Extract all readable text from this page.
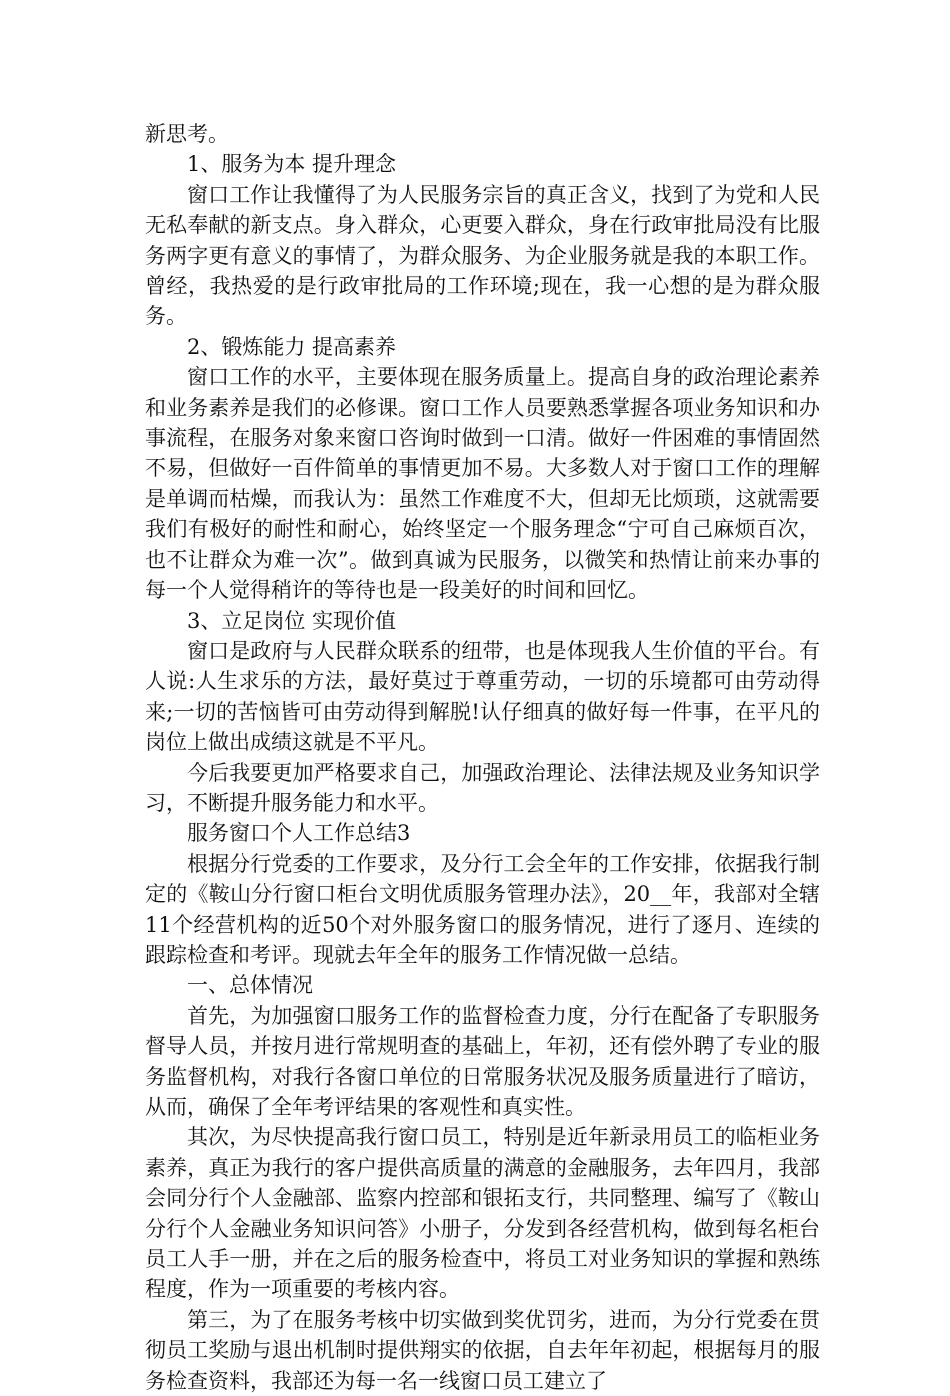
新思考。

1、服务为本 提升理念

窗口工作让我懂得了为人民服务宗旨的真正含义，找到了为党和人民无私奉献的新支点。身入群众，心更要入群众，身在行政审批局没有比服务两字更有意义的事情了，为群众服务、为企业服务就是我的本职工作。曾经，我热爱的是行政审批局的工作环境;现在，我一心想的是为群众服务。

2、锻炼能力 提高素养

窗口工作的水平，主要体现在服务质量上。提高自身的政治理论素养和业务素养是我们的必修课。窗口工作人员要熟悉掌握各项业务知识和办事流程，在服务对象来窗口咨询时做到一口清。做好一件困难的事情固然不易，但做好一百件简单的事情更加不易。大多数人对于窗口工作的理解是单调而枯燥，而我认为：虽然工作难度不大，但却无比烦琐，这就需要我们有极好的耐性和耐心，始终坚定一个服务理念“宁可自己麻烦百次，也不让群众为难一次”。做到真诚为民服务，以微笑和热情让前来办事的每一个人觉得稍许的等待也是一段美好的时间和回忆。

3、立足岗位 实现价值

窗口是政府与人民群众联系的纽带，也是体现我人生价值的平台。有人说:人生求乐的方法，最好莫过于尊重劳动，一切的乐境都可由劳动得来;一切的苦恼皆可由劳动得到解脱!认仔细真的做好每一件事，在平凡的岗位上做出成绩这就是不平凡。

今后我要更加严格要求自己，加强政治理论、法律法规及业务知识学习，不断提升服务能力和水平。

服务窗口个人工作总结3

根据分行党委的工作要求，及分行工会全年的工作安排，依据我行制定的《鞍山分行窗口柜台文明优质服务管理办法》，20__年，我部对全辖11个经营机构的近50个对外服务窗口的服务情况，进行了逐月、连续的跟踪检查和考评。现就去年全年的服务工作情况做一总结。

一、总体情况

首先，为加强窗口服务工作的监督检查力度，分行在配备了专职服务督导人员，并按月进行常规明查的基础上，年初，还有偿外聘了专业的服务监督机构，对我行各窗口单位的日常服务状况及服务质量进行了暗访，从而，确保了全年考评结果的客观性和真实性。

其次，为尽快提高我行窗口员工，特别是近年新录用员工的临柜业务素养，真正为我行的客户提供高质量的满意的金融服务，去年四月，我部会同分行个人金融部、监察内控部和银拓支行，共同整理、编写了《鞍山分行个人金融业务知识问答》小册子，分发到各经营机构，做到每名柜台员工人手一册，并在之后的服务检查中，将员工对业务知识的掌握和熟练程度，作为一项重要的考核内容。

第三，为了在服务考核中切实做到奖优罚劣，进而，为分行党委在贯彻员工奖励与退出机制时提供翔实的依据，自去年年初起，根据每月的服务检查资料，我部还为每一名一线窗口员工建立了
